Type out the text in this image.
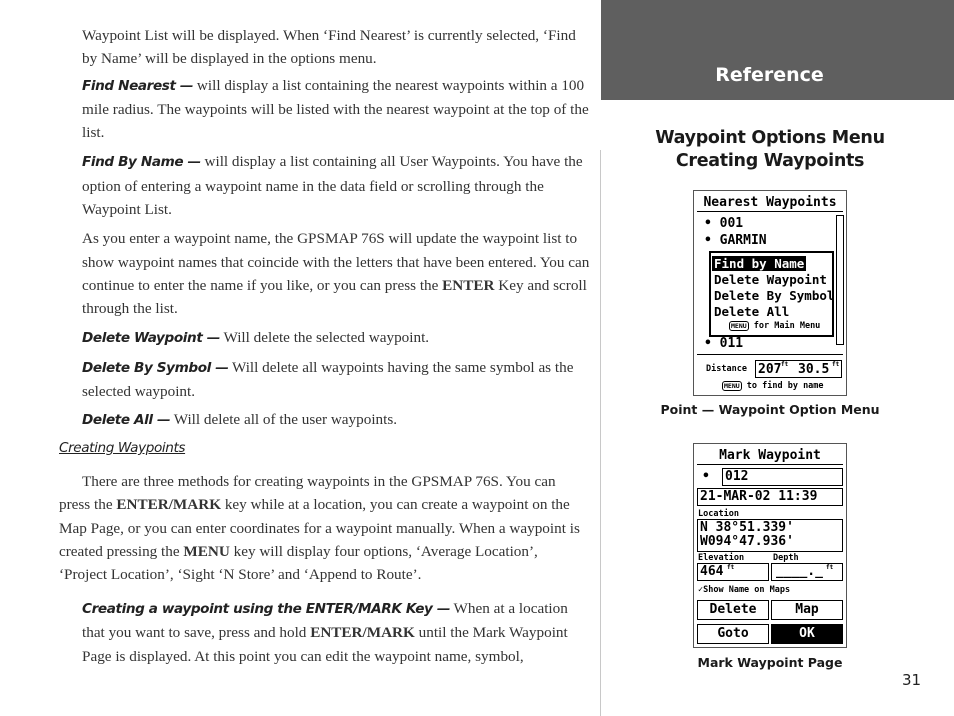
Waypoint List will be displayed. When ‘Find Nearest’ is currently selected, ‘Find by Name’ will be displayed in the options menu.

Find Nearest — will display a list containing the nearest waypoints within a 100 mile radius. The waypoints will be listed with the nearest waypoint at the top of the list.

Find By Name — will display a list containing all User Waypoints. You have the option of entering a waypoint name in the data field or scrolling through the Waypoint List.

As you enter a waypoint name, the GPSMAP 76S will update the waypoint list to show waypoint names that coincide with the letters that have been entered. You can continue to enter the name if you like, or you can press the ENTER Key and scroll through the list.

Delete Waypoint — Will delete the selected waypoint.

Delete By Symbol — Will delete all waypoints having the same symbol as the selected waypoint.

Delete All — Will delete all of the user waypoints.

Creating Waypoints
There are three methods for creating waypoints in the GPSMAP 76S. You can press the ENTER/MARK key while at a location, you can create a waypoint on the Map Page, or you can enter coordinates for a waypoint manually. When a waypoint is created pressing the MENU key will display four options, ‘Average Location’, ‘Project Location’, ‘Sight ‘N Store’ and ‘Append to Route’.
Creating a waypoint using the ENTER/MARK Key — When at a location that you want to save, press and hold ENTER/MARK until the Mark Waypoint Page is displayed. At this point you can edit the waypoint name, symbol,
Reference
Waypoint Options Menu
Creating Waypoints
Nearest Waypoints
• 001
• GARMIN
Find by Name
Delete Waypoint
Delete By Symbol
Delete All
MENU for Main Menu
• 011
Distance 207 ft 30.5 ft
MENU to find by name
Point — Waypoint Option Menu
Mark Waypoint
• 012
21-MAR-02 11:39
Location
N 38°51.339'
W094°47.936'
Elevation	Depth
464 ft	____._ ft
✓Show Name on Maps
Delete	Map
Goto	OK
Mark Waypoint Page
31
